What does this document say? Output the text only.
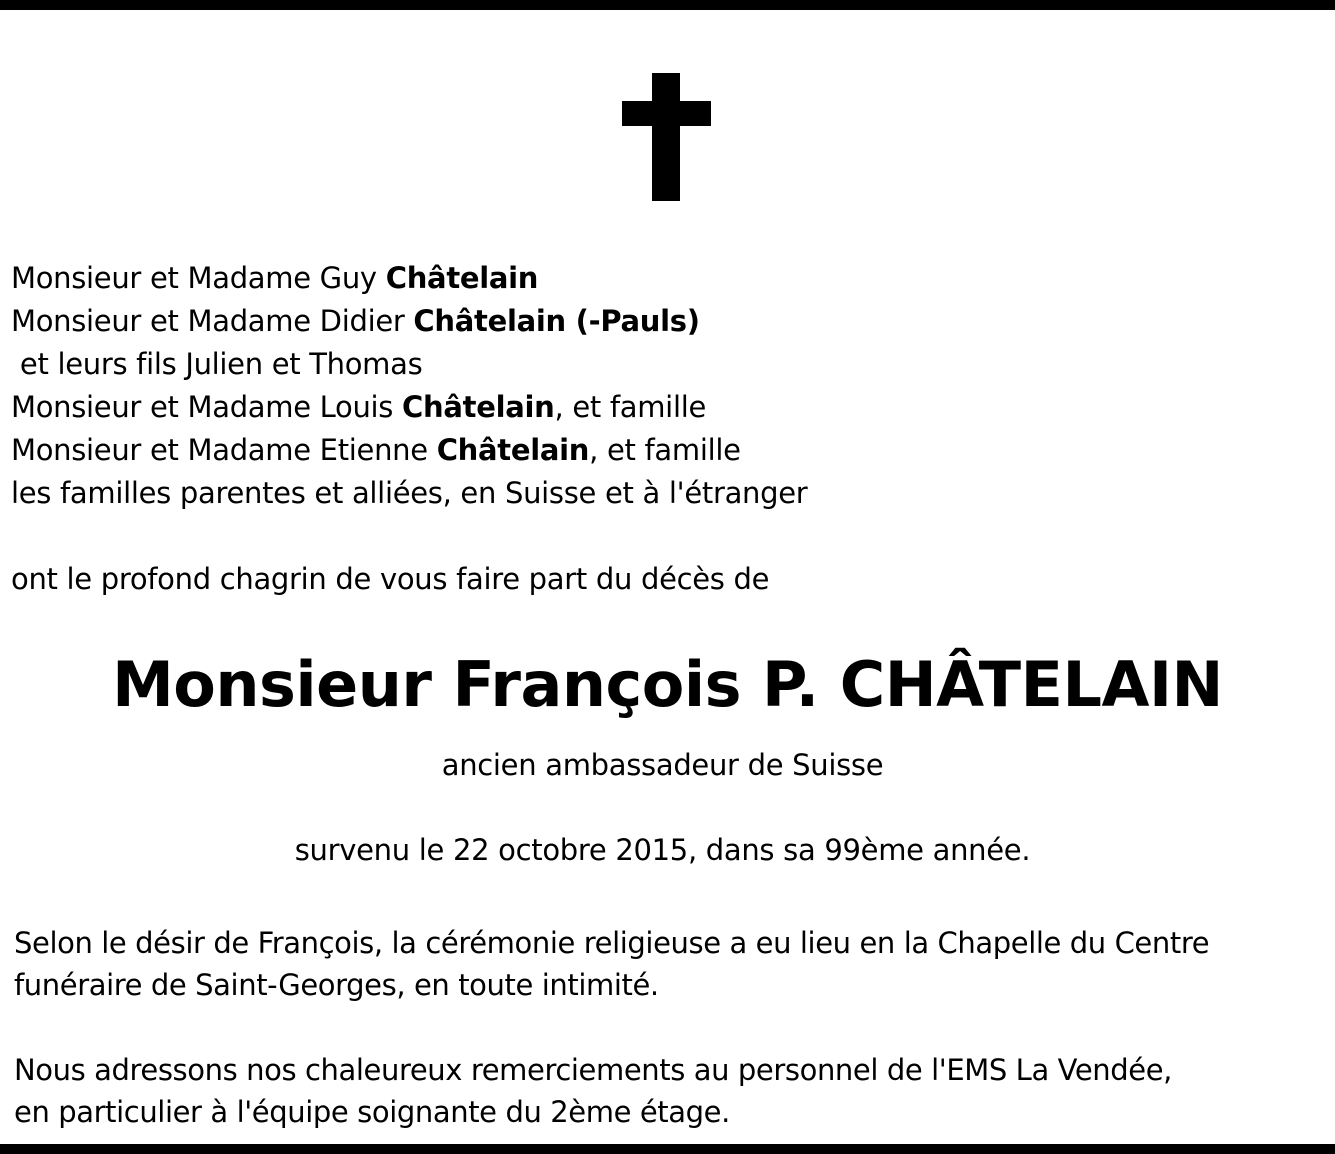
Monsieur et Madame Guy Châtelain
Monsieur et Madame Didier Châtelain (-Pauls)
et leurs fils Julien et Thomas
Monsieur et Madame Louis Châtelain, et famille
Monsieur et Madame Etienne Châtelain, et famille
les familles parentes et alliées, en Suisse et à l'étranger
ont le profond chagrin de vous faire part du décès de
Monsieur François P. CHÂTELAIN
ancien ambassadeur de Suisse
survenu le 22 octobre 2015, dans sa 99ème année.
Selon le désir de François, la cérémonie religieuse a eu lieu en la Chapelle du Centre
funéraire de Saint-Georges, en toute intimité.
Nous adressons nos chaleureux remerciements au personnel de l'EMS La Vendée,
en particulier à l'équipe soignante du 2ème étage.
